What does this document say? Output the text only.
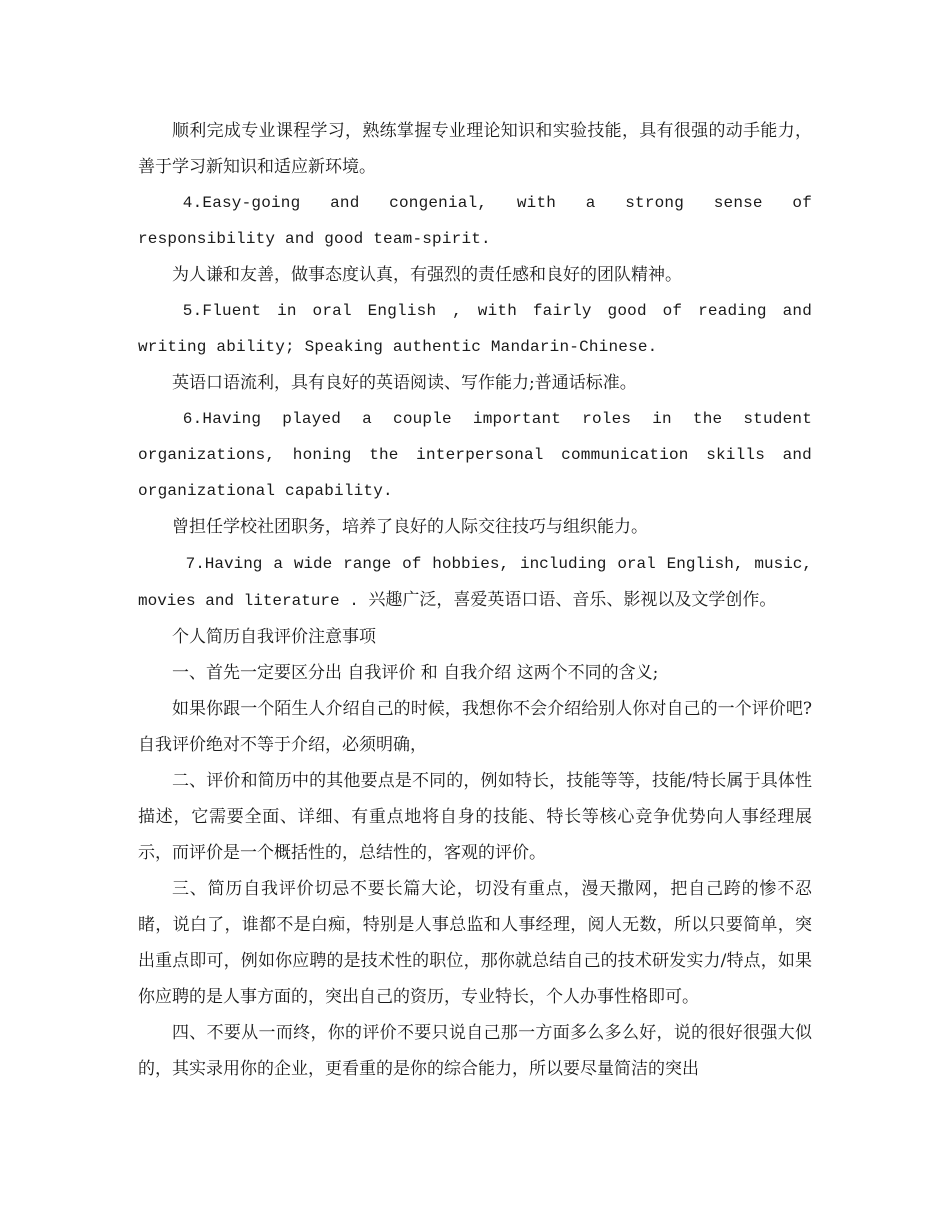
顺利完成专业课程学习，熟练掌握专业理论知识和实验技能，具有很强的动手能力，善于学习新知识和适应新环境。

4.Easy-going and congenial, with a strong sense of responsibility and good team-spirit.

为人谦和友善，做事态度认真，有强烈的责任感和良好的团队精神。

5.Fluent in oral English , with fairly good of reading and writing ability; Speaking authentic Mandarin-Chinese.

英语口语流利，具有良好的英语阅读、写作能力;普通话标准。

6.Having played a couple important roles in the student organizations, honing the interpersonal communication skills and organizational capability.

曾担任学校社团职务，培养了良好的人际交往技巧与组织能力。

7.Having a wide range of hobbies, including oral English, music, movies and literature . 兴趣广泛，喜爱英语口语、音乐、影视以及文学创作。

个人简历自我评价注意事项

一、首先一定要区分出 自我评价 和 自我介绍 这两个不同的含义;

如果你跟一个陌生人介绍自己的时候，我想你不会介绍给别人你对自己的一个评价吧?自我评价绝对不等于介绍，必须明确，

二、评价和简历中的其他要点是不同的，例如特长，技能等等，技能/特长属于具体性描述，它需要全面、详细、有重点地将自身的技能、特长等核心竞争优势向人事经理展示，而评价是一个概括性的，总结性的，客观的评价。

三、简历自我评价切忌不要长篇大论，切没有重点，漫天撒网，把自己跨的惨不忍睹，说白了，谁都不是白痴，特别是人事总监和人事经理，阅人无数，所以只要简单，突出重点即可，例如你应聘的是技术性的职位，那你就总结自己的技术研发实力/特点，如果你应聘的是人事方面的，突出自己的资历，专业特长，个人办事性格即可。

四、不要从一而终，你的评价不要只说自己那一方面多么多么好，说的很好很强大似的，其实录用你的企业，更看重的是你的综合能力，所以要尽量简洁的突出
